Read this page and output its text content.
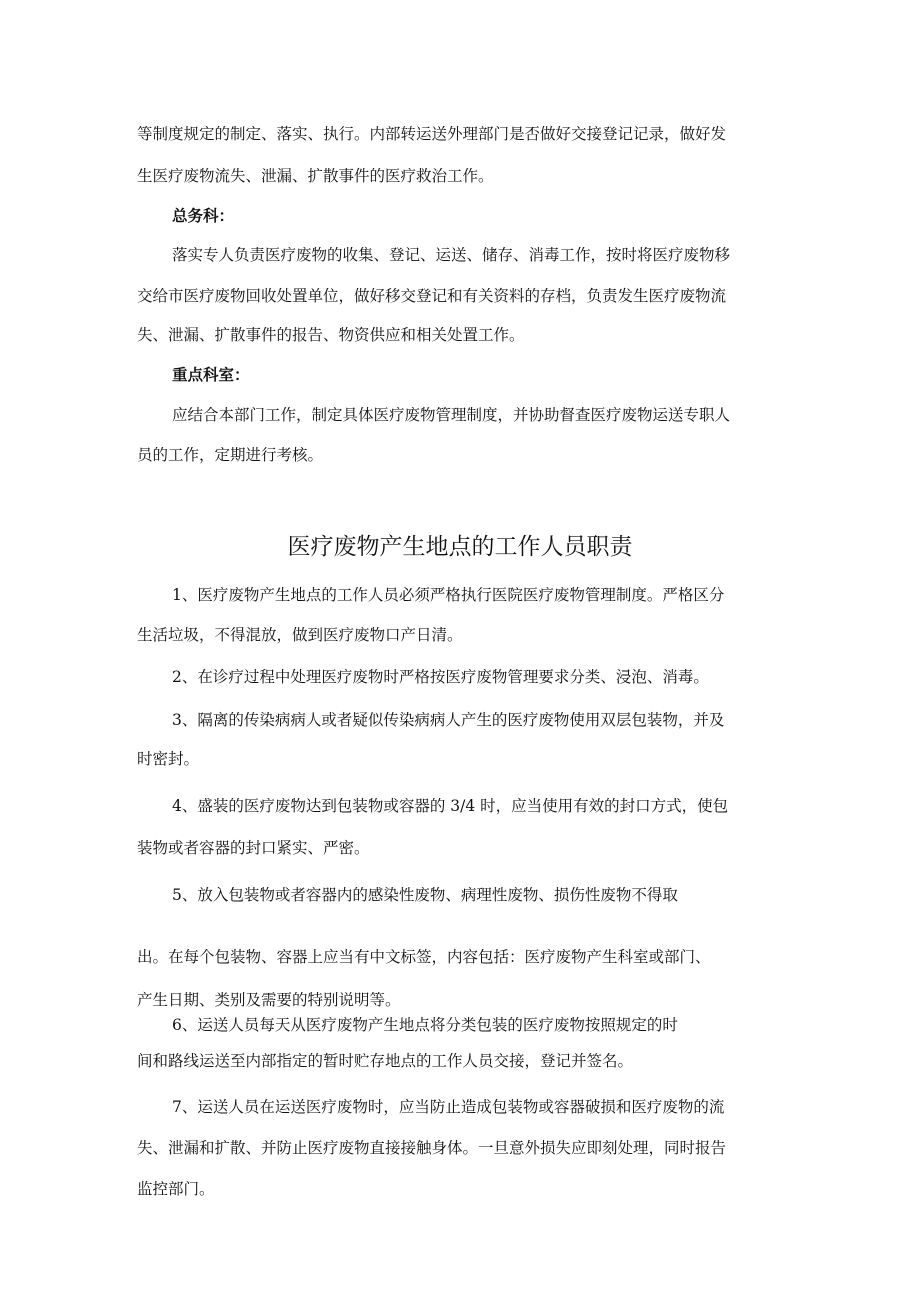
等制度规定的制定、落实、执行。内部转运送外理部门是否做好交接登记记录，做好发
生医疗废物流失、泄漏、扩散事件的医疗救治工作。
总务科：
落实专人负责医疗废物的收集、登记、运送、储存、消毒工作，按时将医疗废物移
交给市医疗废物回收处置单位，做好移交登记和有关资料的存档，负责发生医疗废物流
失、泄漏、扩散事件的报告、物资供应和相关处置工作。
重点科室：
应结合本部门工作，制定具体医疗废物管理制度，并协助督查医疗废物运送专职人
员的工作，定期进行考核。
医疗废物产生地点的工作人员职责
1、医疗废物产生地点的工作人员必须严格执行医院医疗废物管理制度。严格区分
生活垃圾，不得混放，做到医疗废物口产日清。
2、在诊疗过程中处理医疗废物时严格按医疗废物管理要求分类、浸泡、消毒。
3、隔离的传染病病人或者疑似传染病病人产生的医疗废物使用双层包装物，并及
时密封。
4、盛装的医疗废物达到包装物或容器的 3/4 时，应当使用有效的封口方式，使包
装物或者容器的封口紧实、严密。
5、放入包装物或者容器内的感染性废物、病理性废物、损伤性废物不得取
出。在每个包装物、容器上应当有中文标签，内容包括：医疗废物产生科室或部门、
产生日期、类别及需要的特别说明等。
6、运送人员每天从医疗废物产生地点将分类包装的医疗废物按照规定的时
间和路线运送至内部指定的暂时贮存地点的工作人员交接，登记并签名。
7、运送人员在运送医疗废物时，应当防止造成包装物或容器破损和医疗废物的流
失、泄漏和扩散、并防止医疗废物直接接触身体。一旦意外损失应即刻处理，同时报告
监控部门。
